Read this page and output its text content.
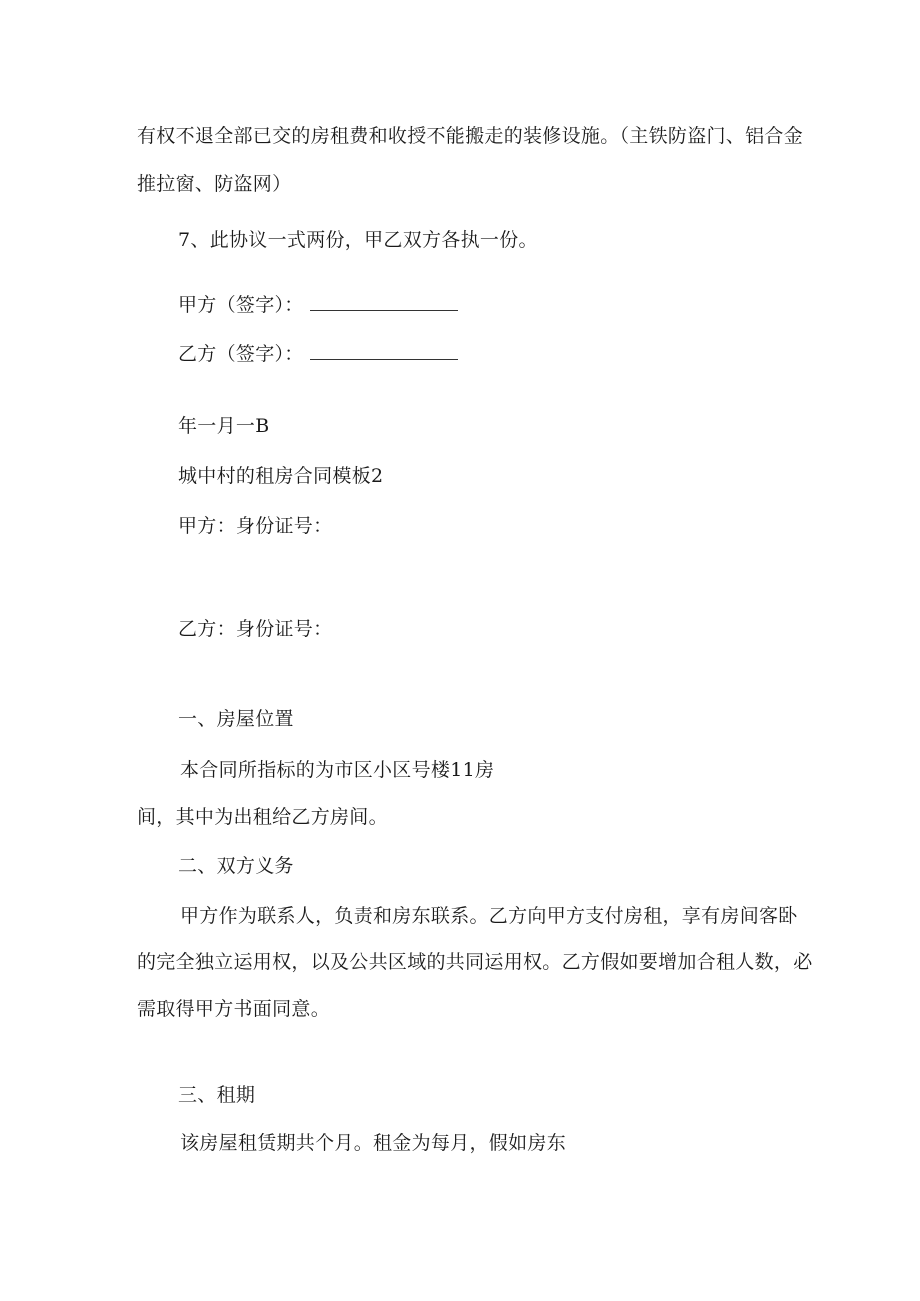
有权不退全部已交的房租费和收授不能搬走的装修设施。（主铁防盗门、铝合金
推拉窗、防盗网）
7、此协议一式两份，甲乙双方各执一份。
甲方（签字）：
乙方（签字）：
年一月一B
城中村的租房合同模板2
甲方：身份证号：
乙方：身份证号：
一、房屋位置
本合同所指标的为市区小区号楼11房
间，其中为出租给乙方房间。
二、双方义务
甲方作为联系人，负责和房东联系。乙方向甲方支付房租，享有房间客卧
的完全独立运用权，以及公共区域的共同运用权。乙方假如要增加合租人数，必
需取得甲方书面同意。
三、租期
该房屋租赁期共个月。租金为每月，假如房东
